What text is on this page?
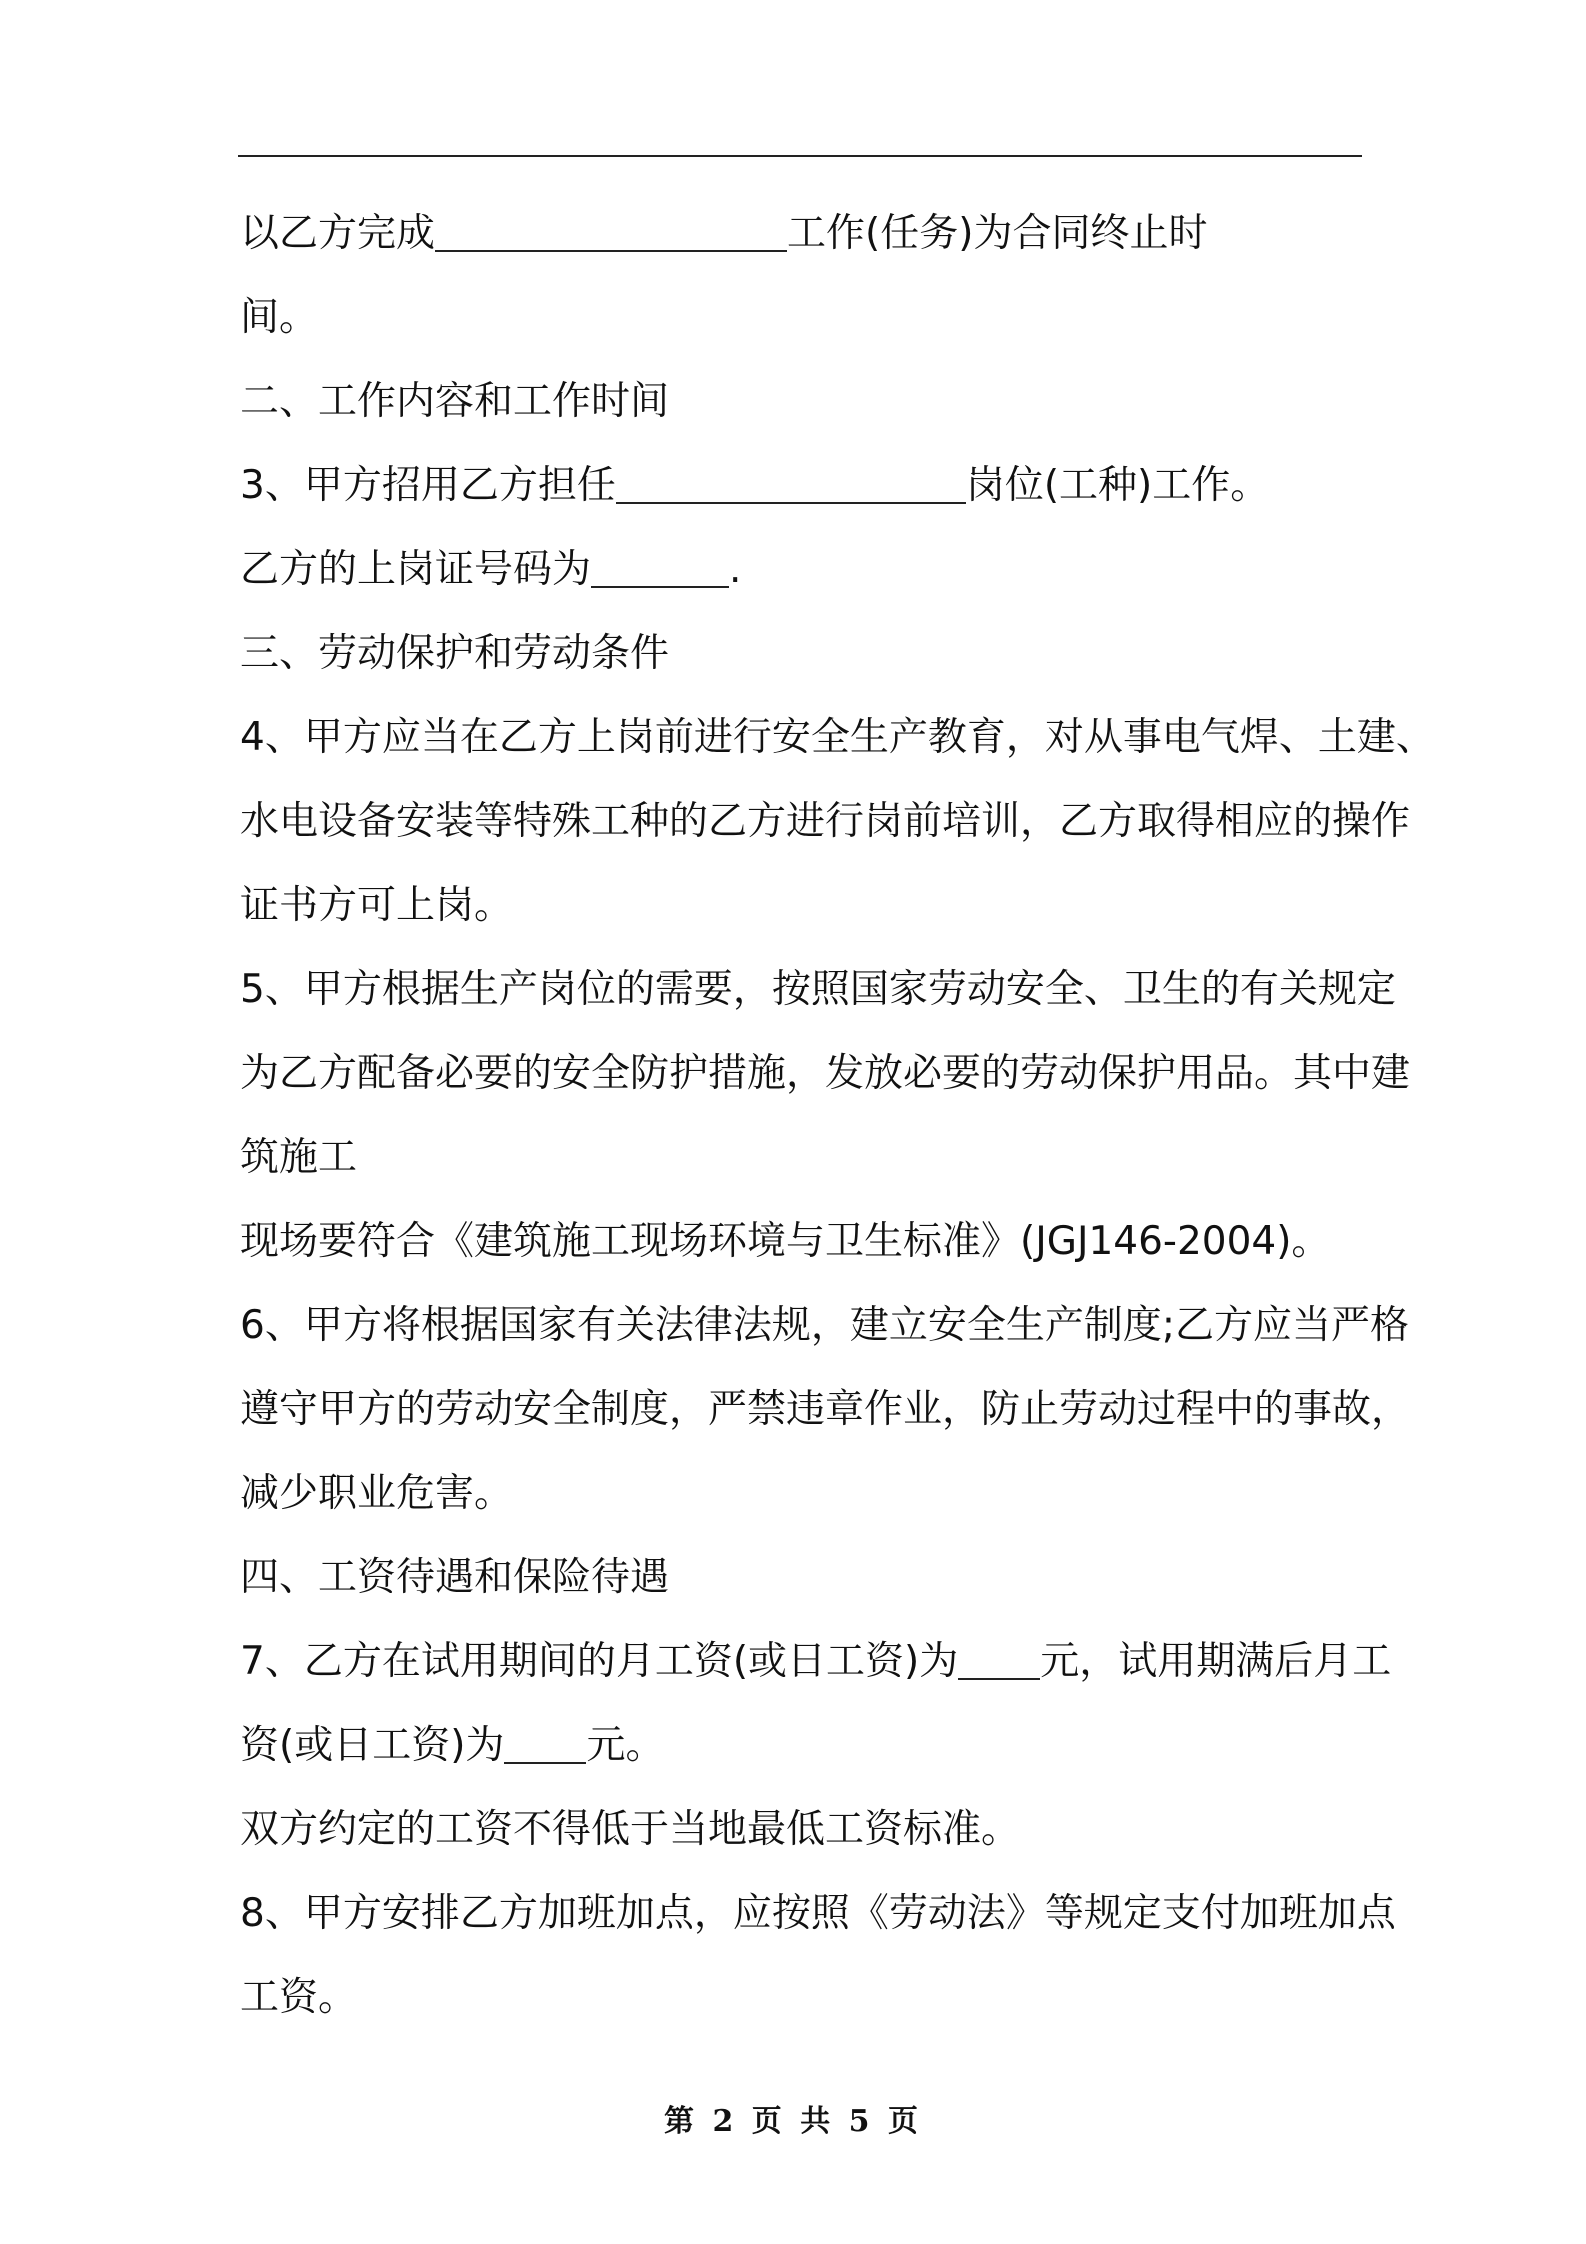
以乙方完成	工作(任务)为合同终止时
间。
二、工作内容和工作时间
3、甲方招用乙方担任	岗位(工种)工作。
乙方的上岗证号码为	.
三、劳动保护和劳动条件
4、甲方应当在乙方上岗前进行安全生产教育，对从事电气焊、土建、
水电设备安装等特殊工种的乙方进行岗前培训，乙方取得相应的操作
证书方可上岗。
5、甲方根据生产岗位的需要，按照国家劳动安全、卫生的有关规定
为乙方配备必要的安全防护措施，发放必要的劳动保护用品。其中建
筑施工
现场要符合《建筑施工现场环境与卫生标准》(JGJ146-2004)。
6、甲方将根据国家有关法律法规，建立安全生产制度;乙方应当严格
遵守甲方的劳动安全制度，严禁违章作业，防止劳动过程中的事故，
减少职业危害。
四、工资待遇和保险待遇
7、乙方在试用期间的月工资(或日工资)为 元，试用期满后月工
资(或日工资)为 元。
双方约定的工资不得低于当地最低工资标准。
8、甲方安排乙方加班加点，应按照《劳动法》等规定支付加班加点
工资。
第 2 页 共 5 页
